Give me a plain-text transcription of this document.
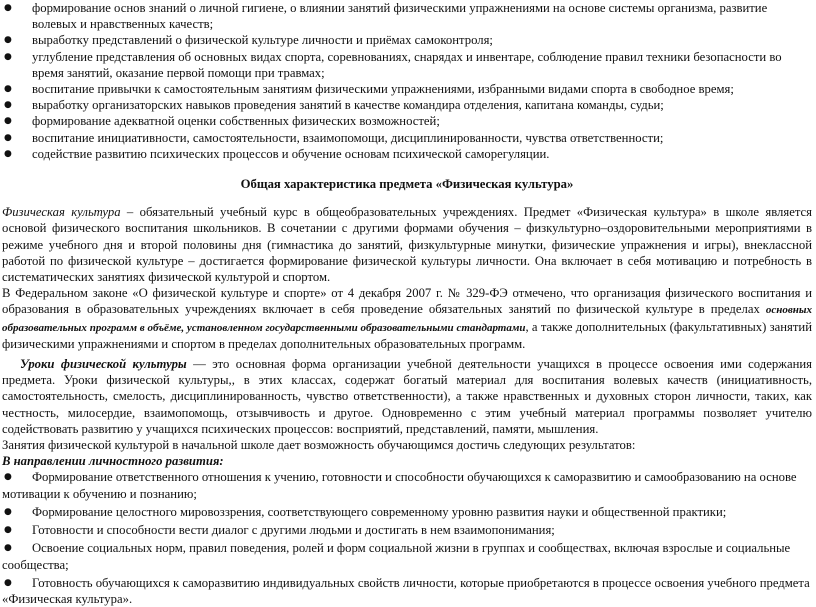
● формирование основ знаний о личной гигиене, о влиянии занятий физическими упражнениями на основе системы организма, развитие волевых и нравственных качеств;
● выработку представлений о физической культуре личности и приёмах самоконтроля;
● углубление представления об основных видах спорта, соревнованиях, снарядах и инвентаре, соблюдение правил техники безопасности во время занятий, оказание первой помощи при травмах;
● воспитание привычки к самостоятельным занятиям физическими упражнениями, избранными видами спорта в свободное время;
● выработку организаторских навыков проведения занятий в качестве командира отделения, капитана команды, судьи;
● формирование адекватной оценки собственных физических возможностей;
● воспитание инициативности, самостоятельности, взаимопомощи, дисциплинированности, чувства ответственности;
● содействие развитию психических процессов и обучение основам психической саморегуляции.
Общая характеристика предмета «Физическая культура»

Физическая культура – обязательный учебный курс в общеобразовательных учреждениях. Предмет «Физическая культура» в школе является основой физического воспитания школьников. В сочетании с другими формами обучения – физкультурно–оздоровительными мероприятиями в режиме учебного дня и второй половины дня (гимнастика до занятий, физкультурные минутки, физические упражнения и игры), внеклассной работой по физической культуре – достигается формирование физической культуры личности. Она включает в себя мотивацию и потребность в систематических занятиях физической культурой и спортом.

В Федеральном законе «О физической культуре и спорте» от 4 декабря 2007 г. № 329-ФЭ отмечено, что организация физического воспитания и образования в образовательных учреждениях включает в себя проведение обязательных занятий по физической культуре в пределах основных образовательных программ в объёме, установленном государственными образовательными стандартами, а также дополнительных (факультативных) занятий физическими упражнениями и спортом в пределах дополнительных образовательных программ.

Уроки физической культуры — это основная форма организации учебной деятельности учащихся в процессе освоения ими содержания предмета. Уроки физической культуры,, в этих классах, содержат богатый материал для воспитания волевых качеств (инициативность, самостоятельность, смелость, дисциплинированность, чувство ответственности), а также нравственных и духовных сторон личности, таких, как честность, милосердие, взаимопомощь, отзывчивость и другое. Одновременно с этим учебный материал программы позволяет учителю содействовать развитию у учащихся психических процессов: восприятий, представлений, памяти, мышления.

Занятия физической культурой в начальной школе дает возможность обучающимся достичь следующих результатов:

В направлении личностного развития:

● Формирование ответственного отношения к учению, готовности и способности обучающихся к саморазвитию и самообразованию на основе мотивации к обучению и познанию;
● Формирование целостного мировоззрения, соответствующего современному уровню развития науки и общественной практики;
● Готовности и способности вести диалог с другими людьми и достигать в нем взаимопонимания;
● Освоение социальных норм, правил поведения, ролей и форм социальной жизни в группах и сообществах, включая взрослые и социальные сообщества;
● Готовность обучающихся к саморазвитию индивидуальных свойств личности, которые приобретаются в процессе освоения учебного предмета «Физическая культура».
